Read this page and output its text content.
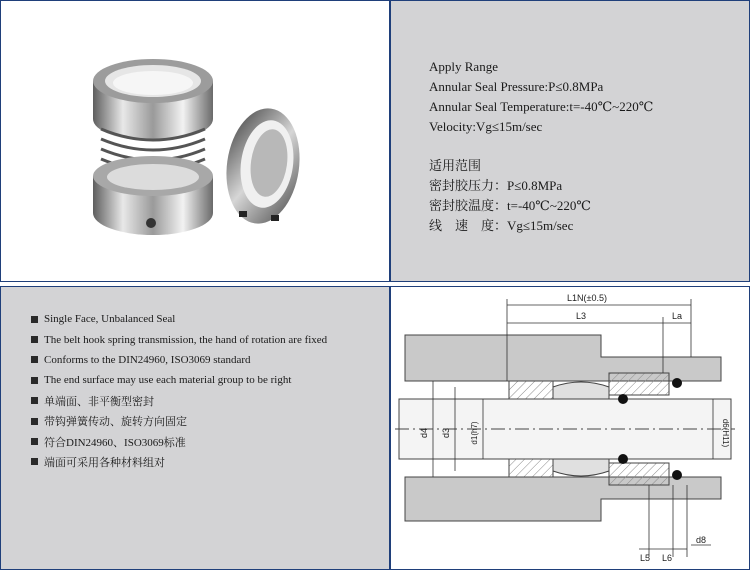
Apply Range
Annular Seal Pressure:P≤0.8MPa
Annular Seal Temperature:t=-40℃~220℃
Velocity:Vg≤15m/sec
适用范围
密封胶压力：P≤0.8MPa
密封胶温度：t=-40℃~220℃
线　速　度：Vg≤15m/sec
Single Face, Unbalanced Seal
The belt hook spring transmission, the hand of rotation are fixed
Conforms to the DIN24960, ISO3069 standard
The end surface may use each material group to be right
单端面、非平衡型密封
带钩弹簧传动、旋转方向固定
符合DIN24960、ISO3069标准
端面可采用各种材料组对
L1N(±0.5)
L3	La
d4 d3 d1(h7)	d6(H11)
L5 L6
d8
